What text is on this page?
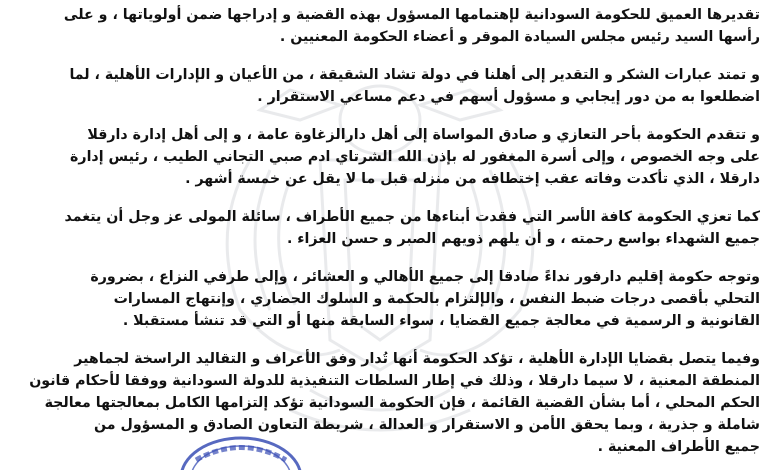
تقديرها العميق للحكومة السودانية لإهتمامها المسؤول بهذه القضية و إدراجها ضمن أولوياتها ، و على
رأسها السيد رئيس مجلس السيادة الموقر و أعضاء الحكومة المعنيين .
و تمتد عبارات الشكر و التقدير إلى أهلنا في دولة تشاد الشقيقة ، من الأعيان و الإدارات الأهلية ، لما
اضطلعوا به من دور إيجابي و مسؤول أسهم في دعم مساعي الاستقرار .
و تتقدم الحكومة بأحر التعازي و صادق المواساة إلى أهل دارالزغاوة عامة ، و إلى أهل إدارة دارقلا
على وجه الخصوص ، وإلى أسرة المغفور له بإذن الله الشرتاي ادم صبي التجاني الطيب ، رئيس إدارة
دارقلا ، الذي تأكدت وفاته عقب إختطافه من منزله قبل ما لا يقل عن خمسة أشهر .
كما تعزي الحكومة كافة الأسر التي فقدت أبناءها من جميع الأطراف ، سائلة المولى عز وجل أن يتغمد
جميع الشهداء بواسع رحمته ، و أن يلهم ذويهم الصبر و حسن العزاء .
وتوجه حكومة إقليم دارفور نداءً صادقا إلى جميع الأهالي و العشائر ، وإلى طرفي النزاع ، بضرورة
التحلي بأقصى درجات ضبط النفس ، والإلتزام بالحكمة و السلوك الحضاري ، وإنتهاج المسارات
القانونية و الرسمية في معالجة جميع القضايا ، سواء السابقة منها أو التي قد تنشأ مستقبلا .
وفيما يتصل بقضايا الإدارة الأهلية ، تؤكد الحكومة أنها تُدار وفق الأعراف و التقاليد الراسخة لجماهير
المنطقة المعنية ، لا سيما دارقلا ، وذلك في إطار السلطات التنفيذية للدولة السودانية ووفقا لأحكام قانون
الحكم المحلي ، أما بشأن القضية القائمة ، فإن الحكومة السودانية تؤكد إلتزامها الكامل بمعالجتها معالجة
شاملة و جذرية ، وبما يحقق الأمن و الاستقرار و العدالة ، شريطة التعاون الصادق و المسؤول من
جميع الأطراف المعنية .
